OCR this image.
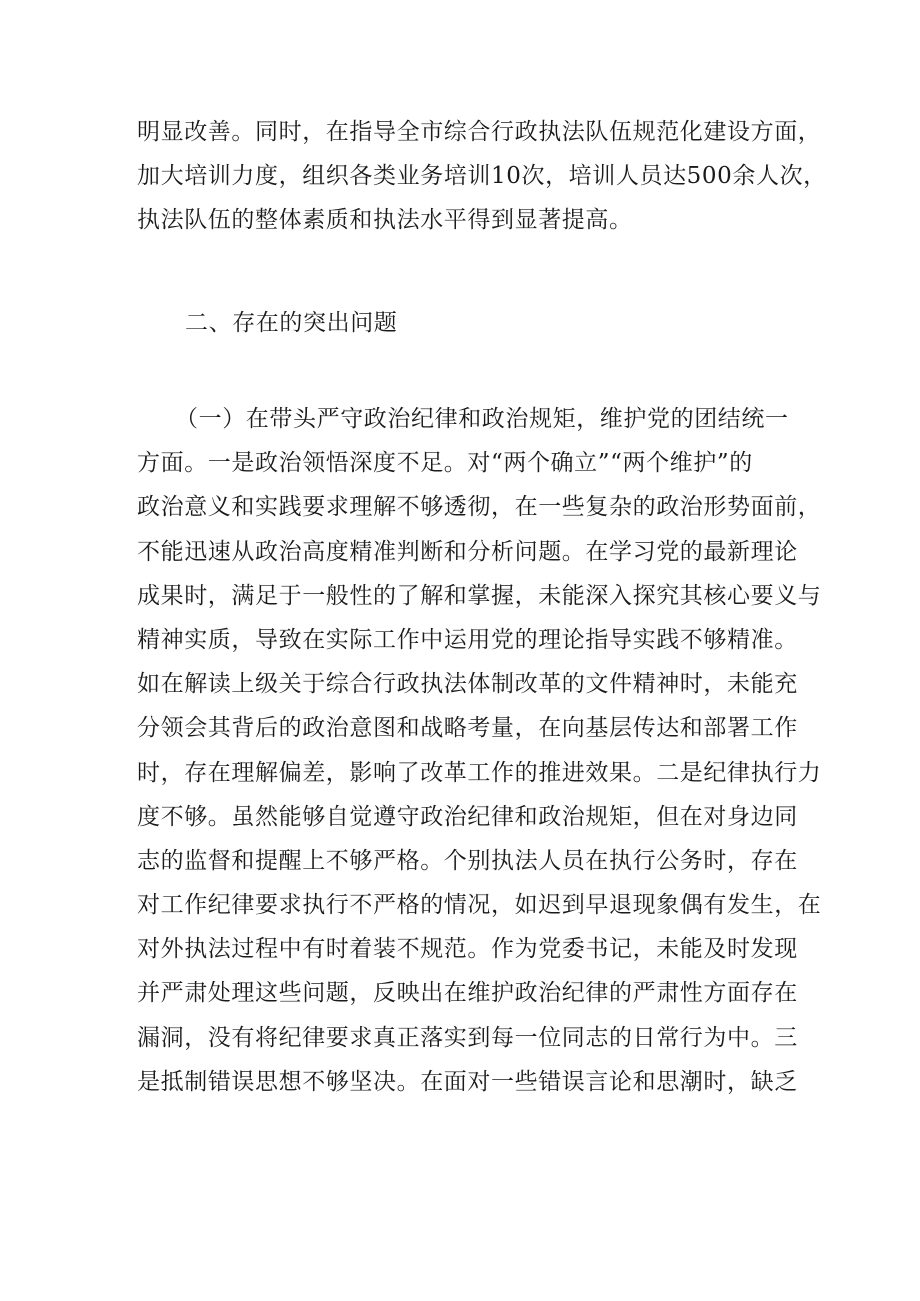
明显改善。同时，在指导全市综合行政执法队伍规范化建设方面，
加大培训力度，组织各类业务培训10次，培训人员达500余人次，
执法队伍的整体素质和执法水平得到显著提高。
二、存在的突出问题
（一）在带头严守政治纪律和政治规矩，维护党的团结统一
方面。一是政治领悟深度不足。对“两个确立”“两个维护”的
政治意义和实践要求理解不够透彻，在一些复杂的政治形势面前，
不能迅速从政治高度精准判断和分析问题。在学习党的最新理论
成果时，满足于一般性的了解和掌握，未能深入探究其核心要义与
精神实质，导致在实际工作中运用党的理论指导实践不够精准。
如在解读上级关于综合行政执法体制改革的文件精神时，未能充
分领会其背后的政治意图和战略考量，在向基层传达和部署工作
时，存在理解偏差，影响了改革工作的推进效果。二是纪律执行力
度不够。虽然能够自觉遵守政治纪律和政治规矩，但在对身边同
志的监督和提醒上不够严格。个别执法人员在执行公务时，存在
对工作纪律要求执行不严格的情况，如迟到早退现象偶有发生，在
对外执法过程中有时着装不规范。作为党委书记，未能及时发现
并严肃处理这些问题，反映出在维护政治纪律的严肃性方面存在
漏洞，没有将纪律要求真正落实到每一位同志的日常行为中。三
是抵制错误思想不够坚决。在面对一些错误言论和思潮时，缺乏
